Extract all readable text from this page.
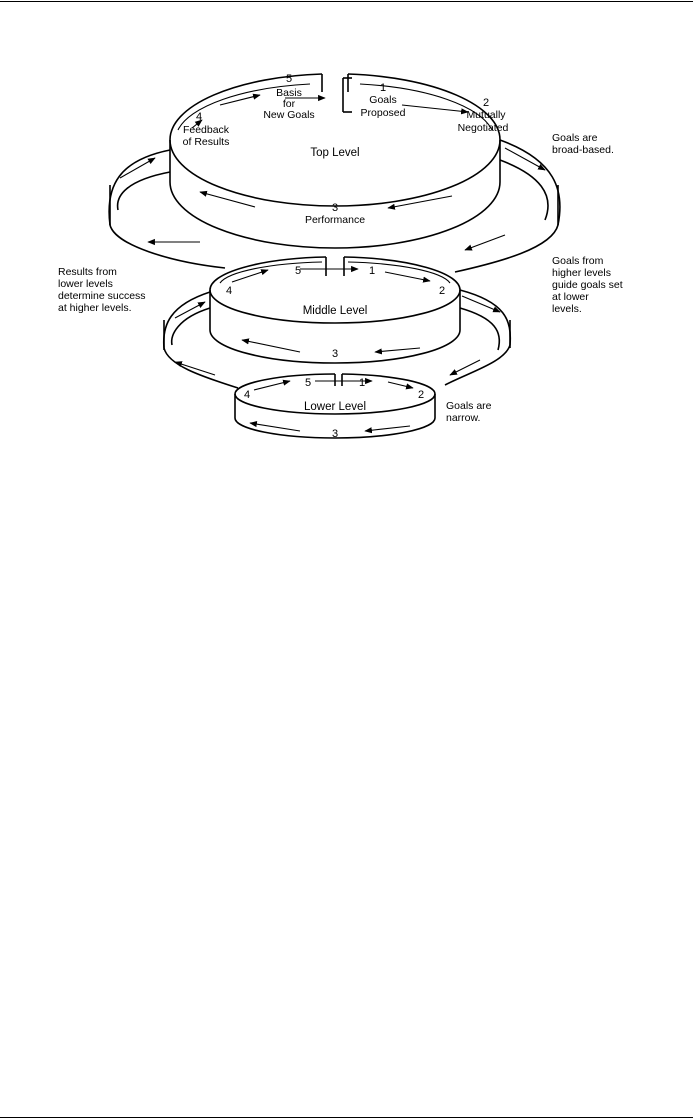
5
Basis
for
New Goals
1
Goals
Proposed
2
Mutually
Negotiated
4
Feedback
of Results
Top Level
3
Performance
5	1
2
4
Middle Level
3
5	1
2
4
Lower Level
3
Goals are
broad-based.
Goals from
higher levels
guide goals set
at lower
levels.
Results from
lower levels
determine success
at higher levels.
Goals are
narrow.
